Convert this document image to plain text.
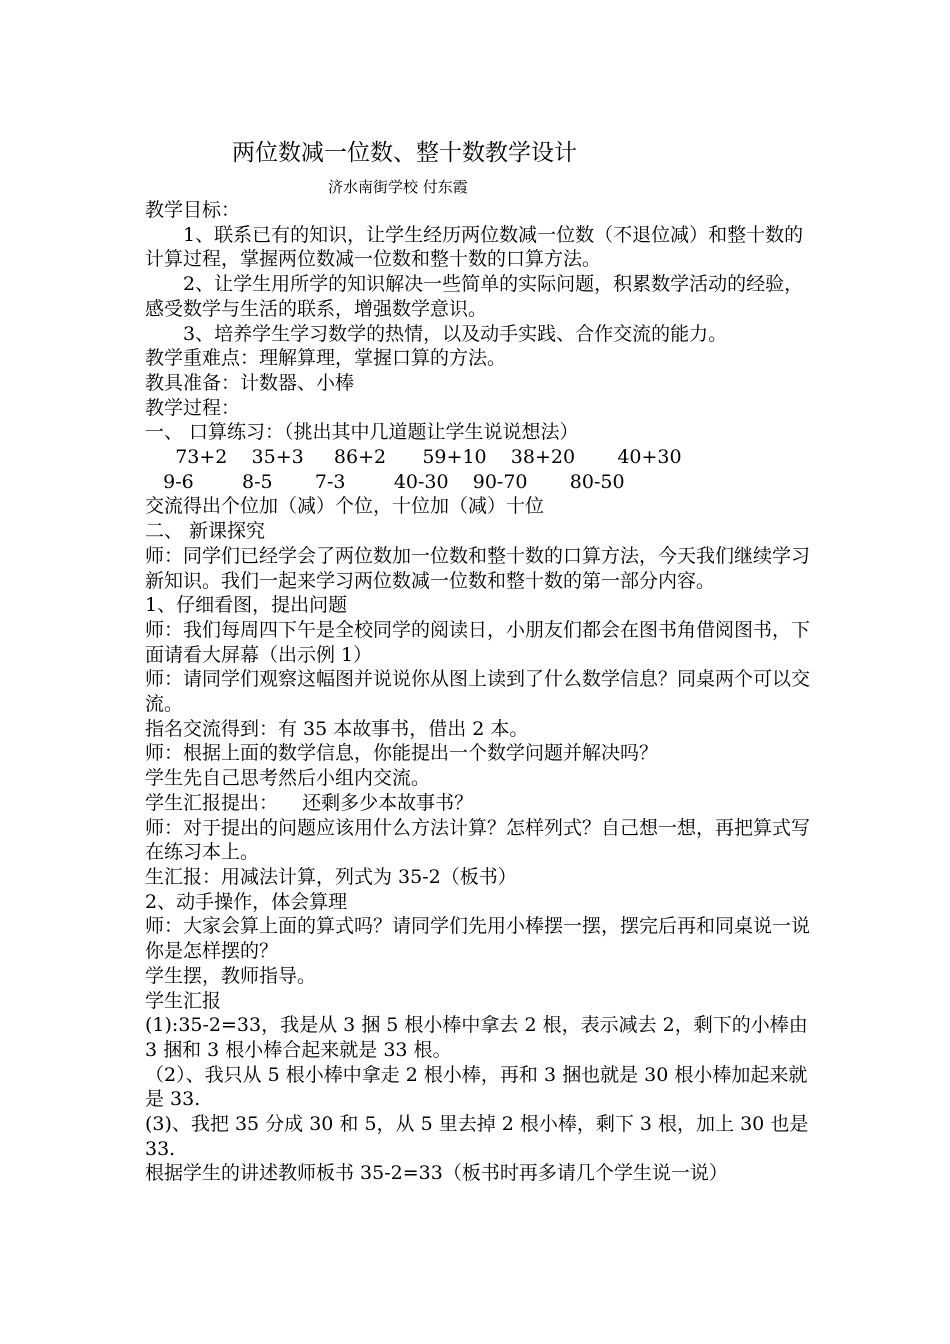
两位数减一位数、整十数教学设计
济水南街学校 付东霞

教学目标：

1、联系已有的知识，让学生经历两位数减一位数（不退位减）和整十数的计算过程，掌握两位数减一位数和整十数的口算方法。

2、让学生用所学的知识解决一些简单的实际问题，积累数学活动的经验，感受数学与生活的联系，增强数学意识。

3、培养学生学习数学的热情，以及动手实践、合作交流的能力。

教学重难点：理解算理，掌握口算的方法。

教具准备：计数器、小棒

教学过程：

一、 口算练习：（挑出其中几道题让学生说说想法）

73+2    35+3     86+2      59+10    38+20       40+30

9-6        8-5       7-3        40-30    90-70       80-50

交流得出个位加（减）个位，十位加（减）十位

二、 新课探究

师：同学们已经学会了两位数加一位数和整十数的口算方法，今天我们继续学习新知识。我们一起来学习两位数减一位数和整十数的第一部分内容。

1、仔细看图，提出问题

师：我们每周四下午是全校同学的阅读日，小朋友们都会在图书角借阅图书，下面请看大屏幕（出示例 1）

师：请同学们观察这幅图并说说你从图上读到了什么数学信息？同桌两个可以交流。

指名交流得到：有 35 本故事书，借出 2 本。

师：根据上面的数学信息，你能提出一个数学问题并解决吗？

学生先自己思考然后小组内交流。

学生汇报提出：    还剩多少本故事书？

师：对于提出的问题应该用什么方法计算？怎样列式？自己想一想，再把算式写在练习本上。

生汇报：用减法计算，列式为 35-2（板书）

2、动手操作，体会算理

师：大家会算上面的算式吗？请同学们先用小棒摆一摆，摆完后再和同桌说一说你是怎样摆的？

学生摆，教师指导。

学生汇报

(1):35-2=33，我是从 3 捆 5 根小棒中拿去 2 根，表示减去 2，剩下的小棒由 3 捆和 3 根小棒合起来就是 33 根。

（2）、我只从 5 根小棒中拿走 2 根小棒，再和 3 捆也就是 30 根小棒加起来就是 33.

(3)、我把 35 分成 30 和 5，从 5 里去掉 2 根小棒，剩下 3 根，加上 30 也是 33.

根据学生的讲述教师板书 35-2=33（板书时再多请几个学生说一说）
